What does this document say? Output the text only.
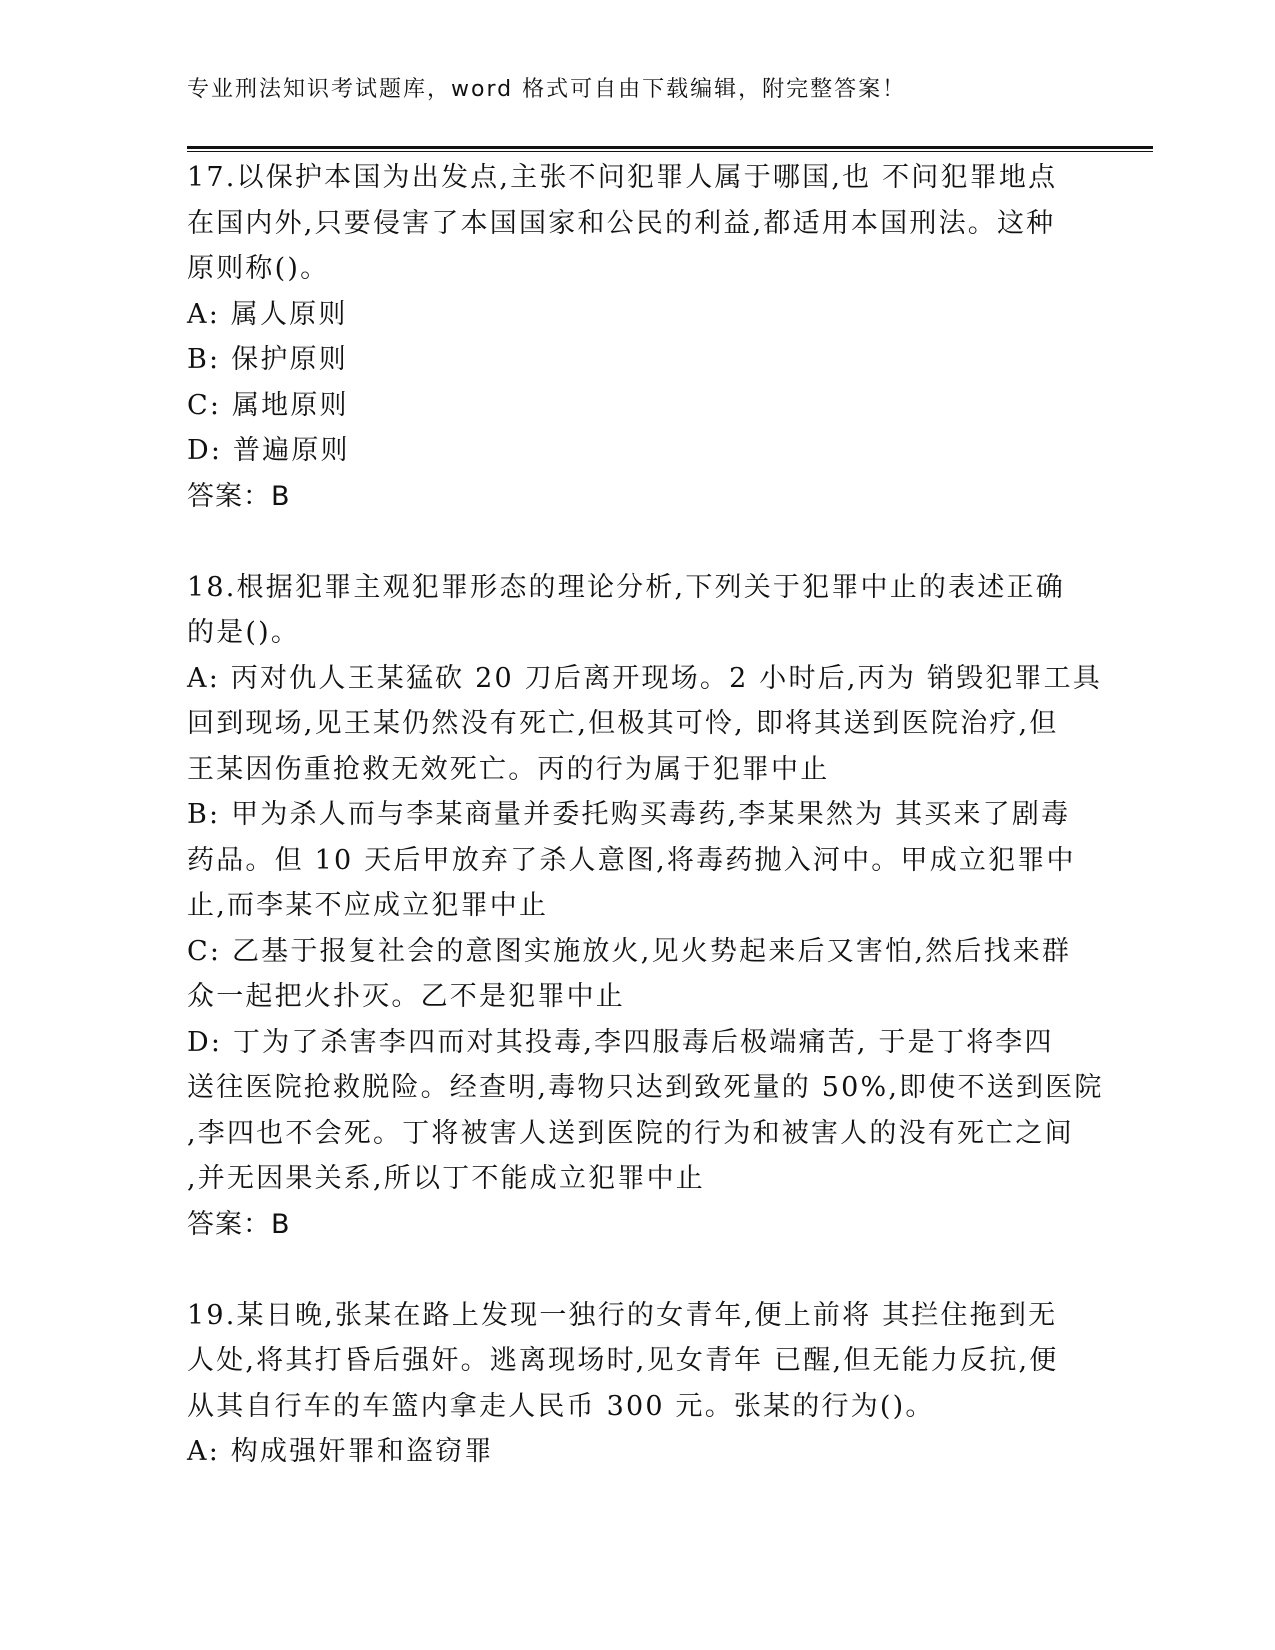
专业刑法知识考试题库，word 格式可自由下载编辑，附完整答案！
17.以保护本国为出发点,主张不问犯罪人属于哪国,也 不问犯罪地点
在国内外,只要侵害了本国国家和公民的利益,都适用本国刑法。这种
原则称()。
A: 属人原则
B: 保护原则
C: 属地原则
D: 普遍原则
答案：B
18.根据犯罪主观犯罪形态的理论分析,下列关于犯罪中止的表述正确
的是()。
A: 丙对仇人王某猛砍 20 刀后离开现场。2 小时后,丙为 销毁犯罪工具
回到现场,见王某仍然没有死亡,但极其可怜, 即将其送到医院治疗,但
王某因伤重抢救无效死亡。丙的行为属于犯罪中止
B: 甲为杀人而与李某商量并委托购买毒药,李某果然为 其买来了剧毒
药品。但 10 天后甲放弃了杀人意图,将毒药抛入河中。甲成立犯罪中
止,而李某不应成立犯罪中止
C: 乙基于报复社会的意图实施放火,见火势起来后又害怕,然后找来群
众一起把火扑灭。乙不是犯罪中止
D: 丁为了杀害李四而对其投毒,李四服毒后极端痛苦, 于是丁将李四
送往医院抢救脱险。经查明,毒物只达到致死量的 50%,即使不送到医院
,李四也不会死。丁将被害人送到医院的行为和被害人的没有死亡之间
,并无因果关系,所以丁不能成立犯罪中止
答案：B
19.某日晚,张某在路上发现一独行的女青年,便上前将 其拦住拖到无
人处,将其打昏后强奸。逃离现场时,见女青年 已醒,但无能力反抗,便
从其自行车的车篮内拿走人民币 300 元。张某的行为()。
A: 构成强奸罪和盗窃罪
